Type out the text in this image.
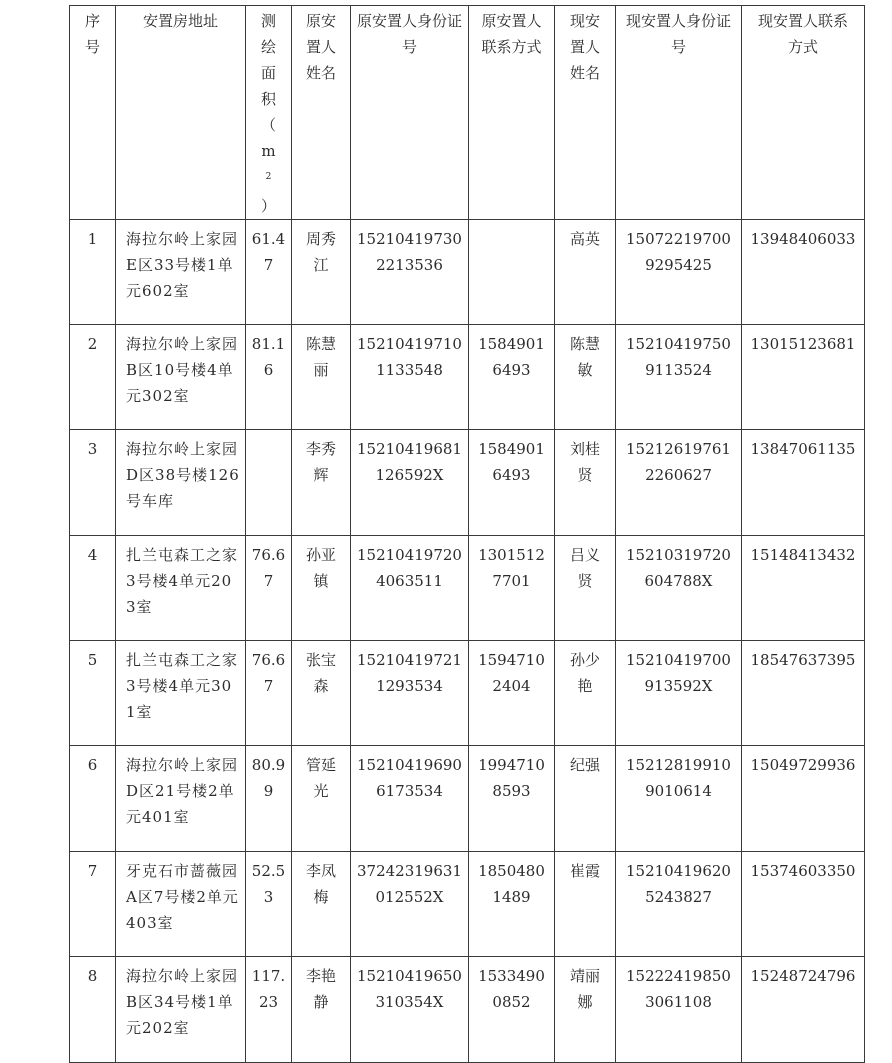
序号	安置房地址	测绘面积$(m^2)$	原安置人姓名	原安置人身份证号	原安置人
联系方式	现安置人姓名	现安置人身份证号	现安置人联系方式

1	海拉尔岭上家园E区33号楼1单元602室	61.47	周秀江	152104197302213536		高英	150722197009295425	13948406033

2	海拉尔岭上家园B区10号楼4单元302室	81.16	陈慧丽	152104197101133548	15849016493	陈慧敏	152104197509113524	13015123681

3	海拉尔岭上家园D区38号楼126号车库		李秀辉	15210419681126592X	15849016493	刘桂贤	152126197612260627	13847061135

4	扎兰屯森工之家3号楼4单元203室	76.67	孙亚镇	152104197204063511	13015127701	吕义贤	15210319720604788X	15148413432

5	扎兰屯森工之家3号楼4单元301室	76.67	张宝森	152104197211293534	15947102404	孙少艳	15210419700913592X	18547637395

6	海拉尔岭上家园D区21号楼2单元401室	80.99	管延光	152104196906173534	19947108593	纪强	152128199109010614	15049729936

7	牙克石市蔷薇园A区7号楼2单元403室	52.53	李凤梅	37242319631012552X	18504801489	崔霞	152104196205243827	15374603350

8	海拉尔岭上家园B区34号楼1单元202室	117.23	李艳静	15210419650310354X	15334900852	靖丽娜	152224198503061108	15248724796
